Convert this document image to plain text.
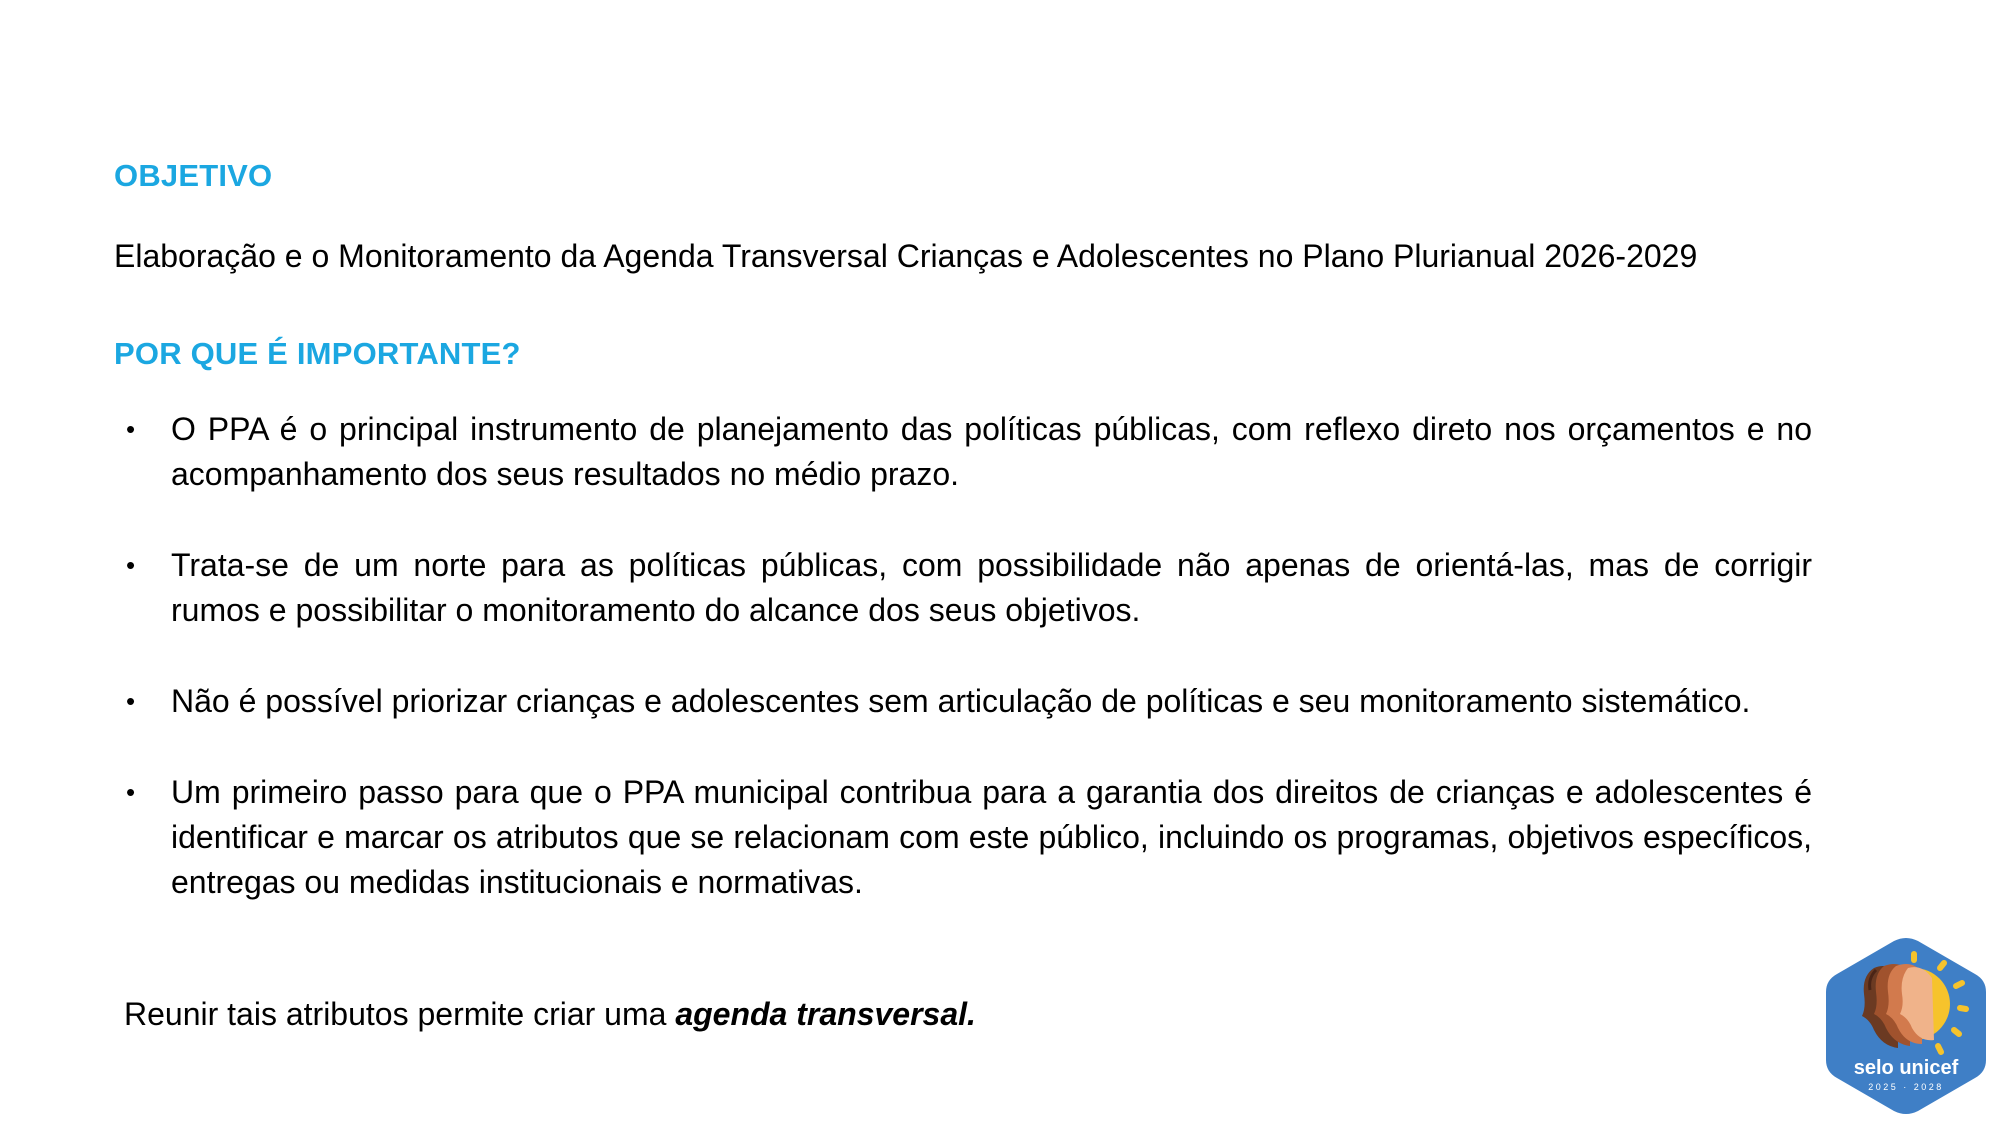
OBJETIVO
Elaboração e o Monitoramento da Agenda Transversal Crianças e Adolescentes no Plano Plurianual 2026-2029
POR QUE É IMPORTANTE?
• O PPA é o principal instrumento de planejamento das políticas públicas, com reflexo direto nos orçamentos e no acompanhamento dos seus resultados no médio prazo.
• Trata-se de um norte para as políticas públicas, com possibilidade não apenas de orientá-las, mas de corrigir rumos e possibilitar o monitoramento do alcance dos seus objetivos.
• Não é possível priorizar crianças e adolescentes sem articulação de políticas e seu monitoramento sistemático.
• Um primeiro passo para que o PPA municipal contribua para a garantia dos direitos de crianças e adolescentes é identificar e marcar os atributos que se relacionam com este público, incluindo os programas, objetivos específicos, entregas ou medidas institucionais e normativas.
Reunir tais atributos permite criar uma agenda transversal.
selo unicef
2025 · 2028
